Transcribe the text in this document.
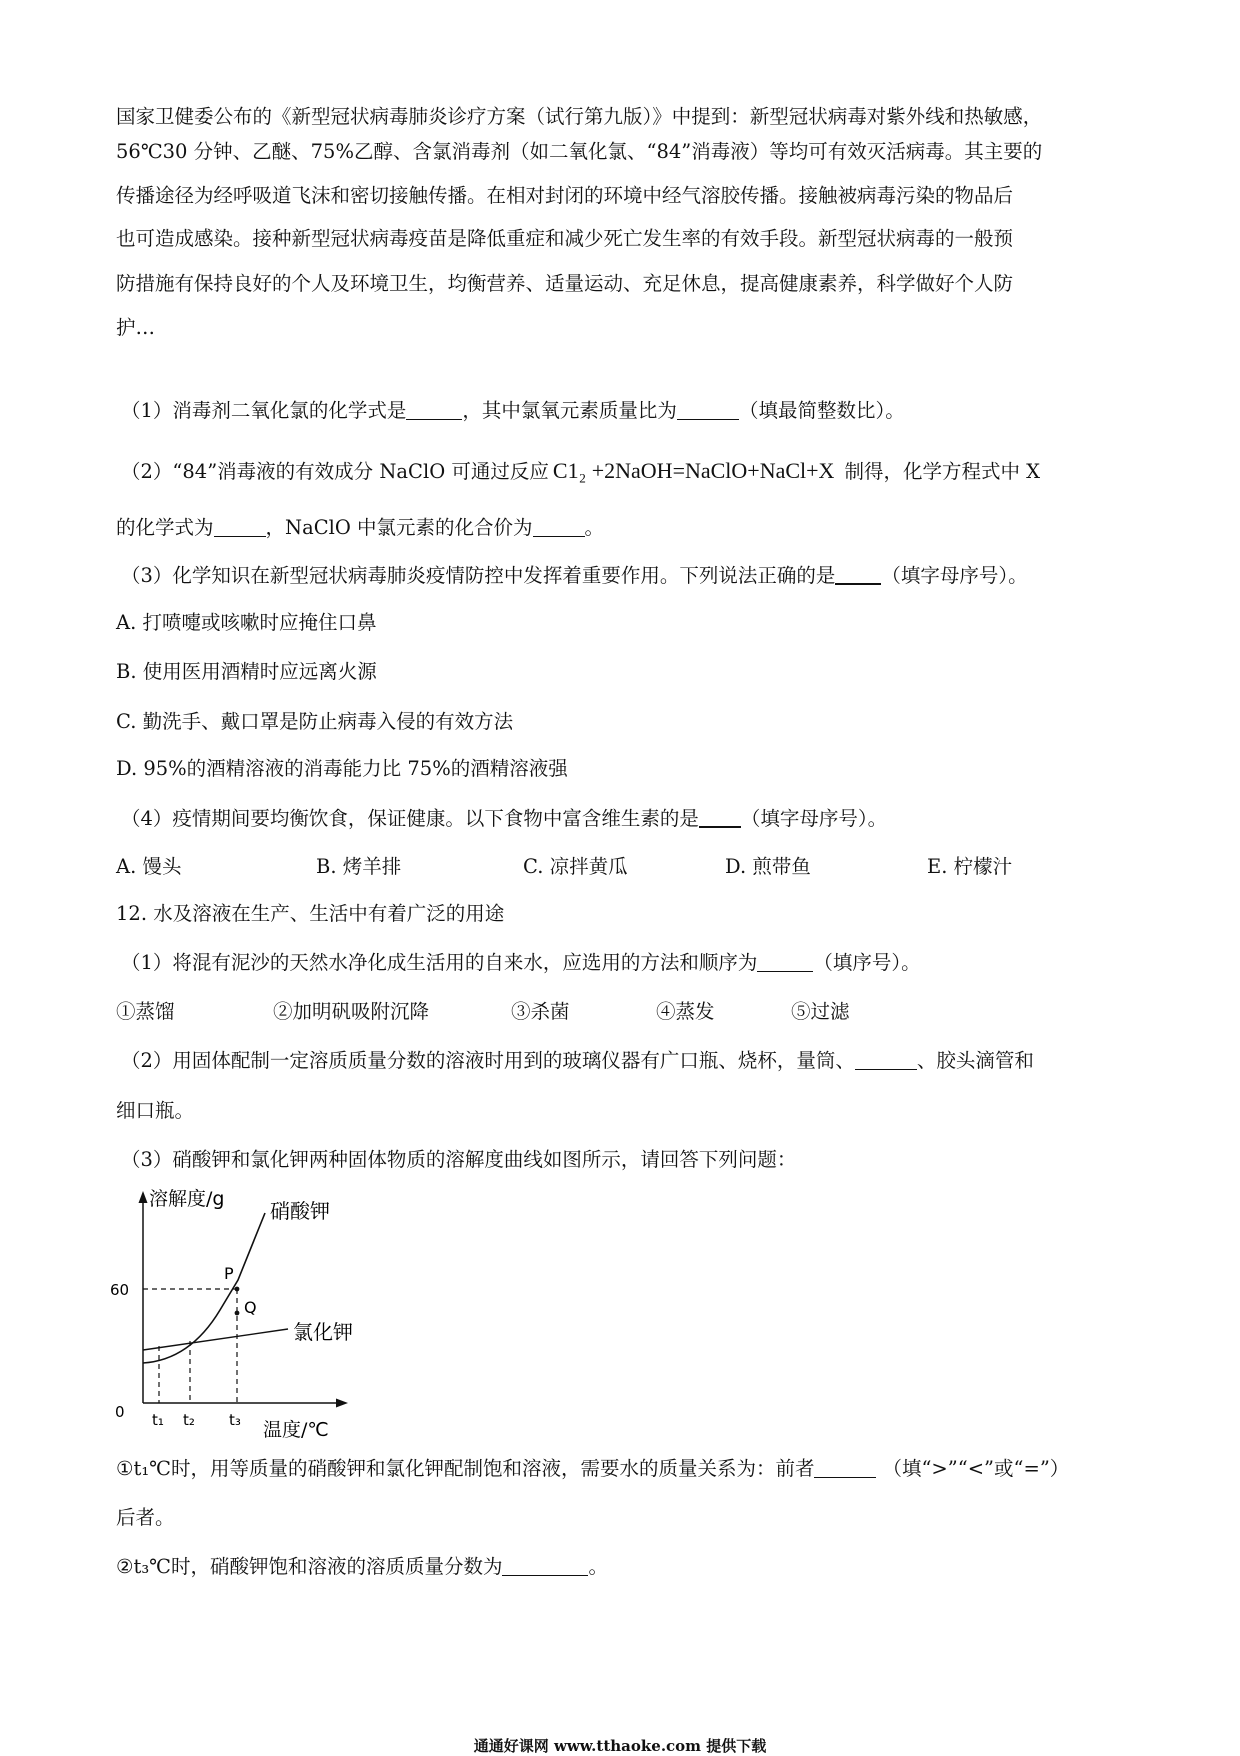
国家卫健委公布的《新型冠状病毒肺炎诊疗方案（试行第九版）》中提到：新型冠状病毒对紫外线和热敏感，
56℃30 分钟、乙醚、75%乙醇、含氯消毒剂（如二氧化氯、“84”消毒液）等均可有效灭活病毒。其主要的
传播途径为经呼吸道飞沫和密切接触传播。在相对封闭的环境中经气溶胶传播。接触被病毒污染的物品后
也可造成感染。接种新型冠状病毒疫苗是降低重症和减少死亡发生率的有效手段。新型冠状病毒的一般预
防措施有保持良好的个人及环境卫生，均衡营养、适量运动、充足休息，提高健康素养，科学做好个人防
护…
（1）消毒剂二氧化氯的化学式是	，其中氯氧元素质量比为	（填最简整数比）。
（2）“84”消毒液的有效成分 NaClO 可通过反应 C1₂ +2NaOH=NaClO+NaCl+X 制得，化学方程式中 X
的化学式为	，NaClO 中氯元素的化合价为	。
（3）化学知识在新型冠状病毒肺炎疫情防控中发挥着重要作用。下列说法正确的是 （填字母序号）。
A. 打喷嚏或咳嗽时应掩住口鼻
B. 使用医用酒精时应远离火源
C. 勤洗手、戴口罩是防止病毒入侵的有效方法
D. 95%的酒精溶液的消毒能力比 75%的酒精溶液强
（4）疫情期间要均衡饮食，保证健康。以下食物中富含维生素的是 （填字母序号）。
A. 馒头	B. 烤羊排	C. 凉拌黄瓜	D. 煎带鱼	E. 柠檬汁
12. 水及溶液在生产、生活中有着广泛的用途
（1）将混有泥沙的天然水净化成生活用的自来水，应选用的方法和顺序为	（填序号）。
①蒸馏	②加明矾吸附沉降	③杀菌	④蒸发	⑤过滤
（2）用固体配制一定溶质质量分数的溶液时用到的玻璃仪器有广口瓶、烧杯，量筒、	、胶头滴管和
细口瓶。
（3）硝酸钾和氯化钾两种固体物质的溶解度曲线如图所示，请回答下列问题：
溶解度/g 硝酸钾
氯化钾
P
Q
60
0 t₁ t₂ t₃ 温度/℃
①t₁℃时，用等质量的硝酸钾和氯化钾配制饱和溶液，需要水的质量关系为：前者	（填“>”“<”或“=”）
后者。
②t₃℃时，硝酸钾饱和溶液的溶质质量分数为	。
通通好课网 www.tthaoke.com 提供下载
